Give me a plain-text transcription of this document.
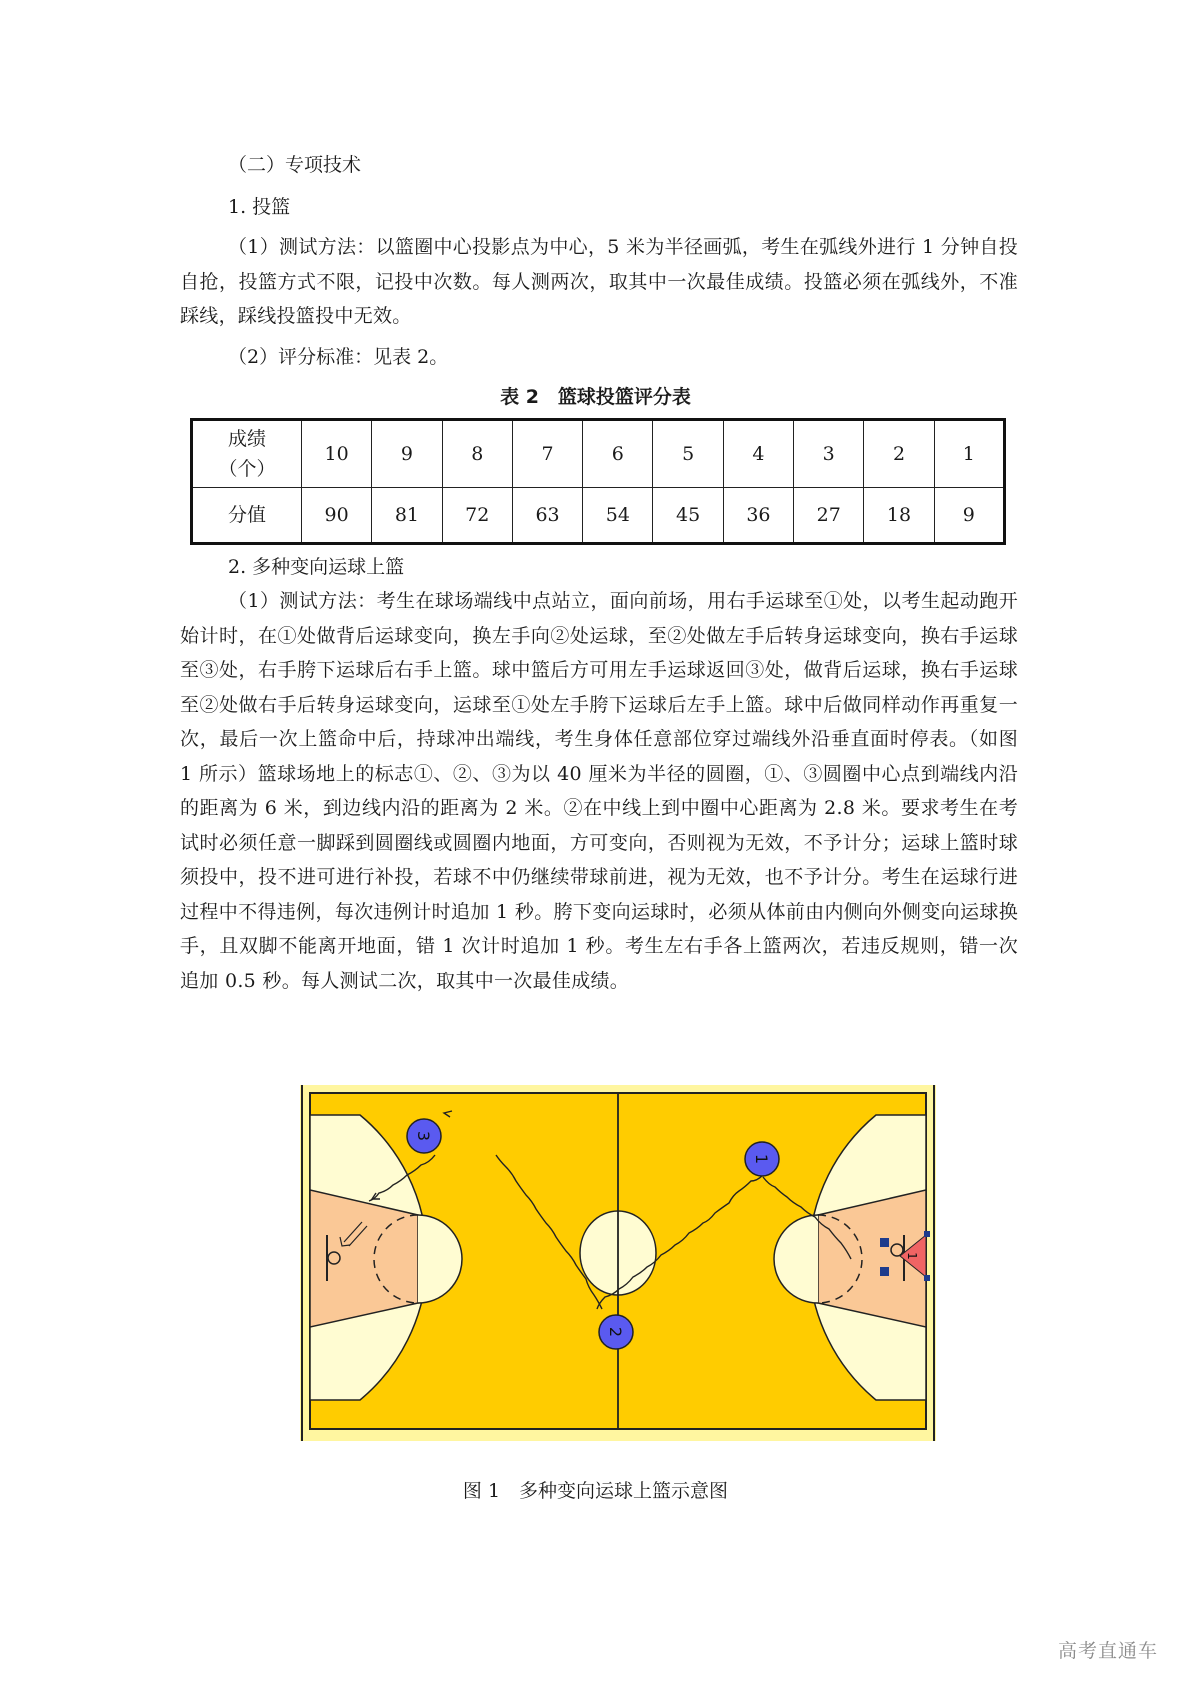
（二）专项技术
1. 投篮
（1）测试方法：以篮圈中心投影点为中心，5 米为半径画弧，考生在弧线外进行 1 分钟自投自抢，投篮方式不限，记投中次数。每人测两次，取其中一次最佳成绩。投篮必须在弧线外，不准踩线，踩线投篮投中无效。
（2）评分标准：见表 2。
表 2　篮球投篮评分表
成绩
（个）	10	9	8	7	6	5	4	3	2	1
分值	90	81	72	63	54	45	36	27	18	9
2. 多种变向运球上篮
（1）测试方法：考生在球场端线中点站立，面向前场，用右手运球至①处，以考生起动跑开始计时，在①处做背后运球变向，换左手向②处运球，至②处做左手后转身运球变向，换右手运球至③处，右手胯下运球后右手上篮。球中篮后方可用左手运球返回③处，做背后运球，换右手运球至②处做右手后转身运球变向，运球至①处左手胯下运球后左手上篮。球中后做同样动作再重复一次，最后一次上篮命中后，持球冲出端线，考生身体任意部位穿过端线外沿垂直面时停表。（如图 1 所示）篮球场地上的标志①、②、③为以 40 厘米为半径的圆圈，①、③圆圈中心点到端线内沿的距离为 6 米，到边线内沿的距离为 2 米。②在中线上到中圈中心距离为 2.8 米。要求考生在考试时必须任意一脚踩到圆圈线或圆圈内地面，方可变向，否则视为无效，不予计分；运球上篮时球须投中，投不进可进行补投，若球不中仍继续带球前进，视为无效，也不予计分。考生在运球行进过程中不得违例，每次违例计时追加 1 秒。胯下变向运球时，必须从体前由内侧向外侧变向运球换手，且双脚不能离开地面，错 1 次计时追加 1 秒。考生左右手各上篮两次，若违反规则，错一次追加 0.5 秒。每人测试二次，取其中一次最佳成绩。
3
1
2
1
图 1　多种变向运球上篮示意图
高考直通车
